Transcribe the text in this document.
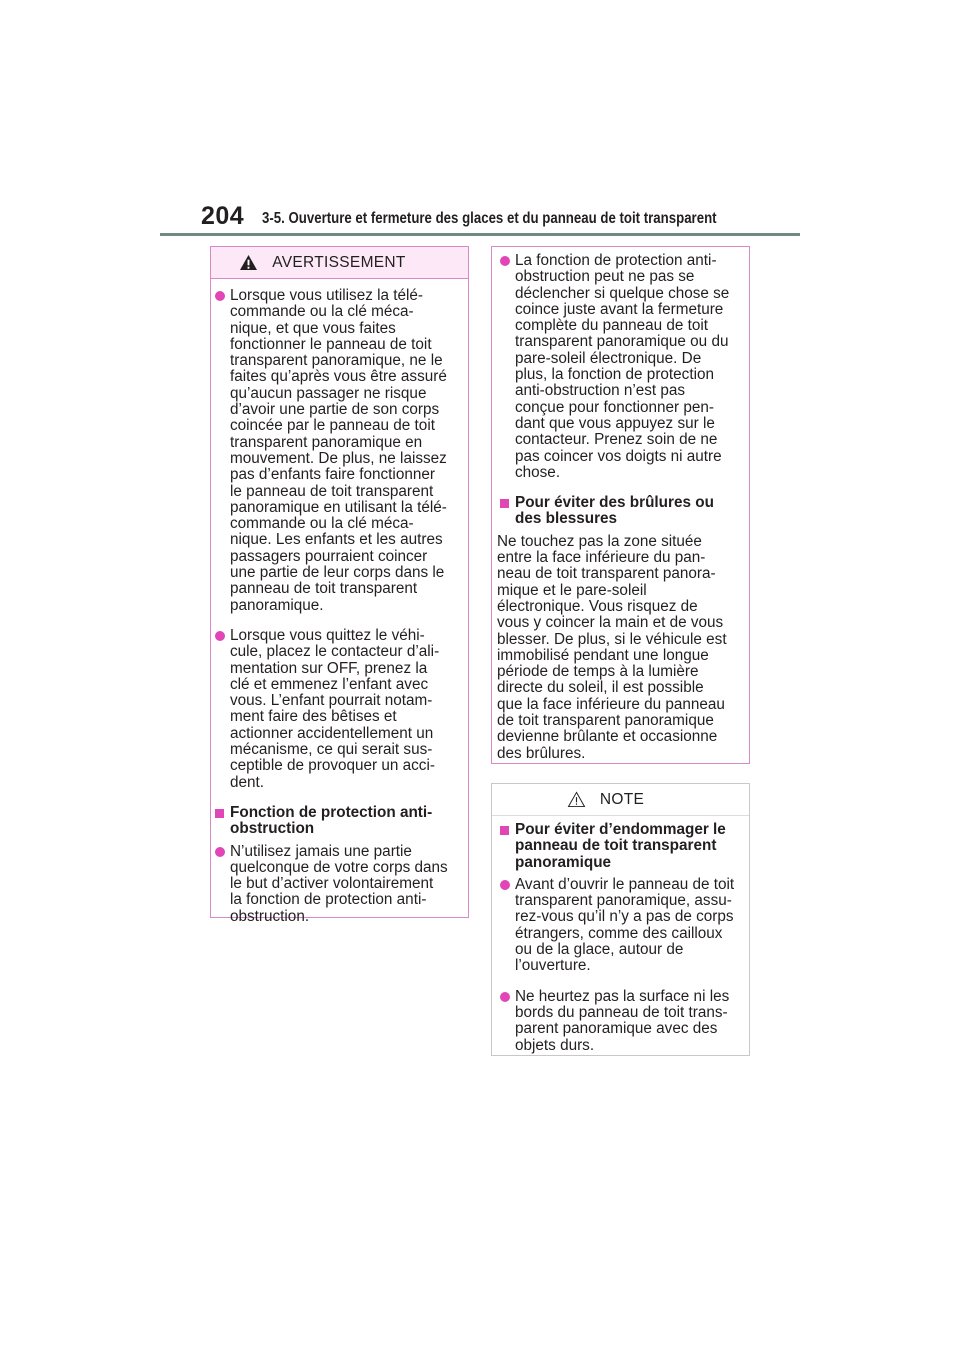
204 3-5. Ouverture et fermeture des glaces et du panneau de toit transparent
AVERTISSEMENT
Lorsque vous utilisez la télé-
commande ou la clé méca-
nique, et que vous faites
fonctionner le panneau de toit
transparent panoramique, ne le
faites qu’après vous être assuré
qu’aucun passager ne risque
d’avoir une partie de son corps
coincée par le panneau de toit
transparent panoramique en
mouvement. De plus, ne laissez
pas d’enfants faire fonctionner
le panneau de toit transparent
panoramique en utilisant la télé-
commande ou la clé méca-
nique. Les enfants et les autres
passagers pourraient coincer
une partie de leur corps dans le
panneau de toit transparent
panoramique.
Lorsque vous quittez le véhi-
cule, placez le contacteur d’ali-
mentation sur OFF, prenez la
clé et emmenez l’enfant avec
vous. L’enfant pourrait notam-
ment faire des bêtises et
actionner accidentellement un
mécanisme, ce qui serait sus-
ceptible de provoquer un acci-
dent.
Fonction de protection anti-
obstruction
N’utilisez jamais une partie
quelconque de votre corps dans
le but d’activer volontairement
la fonction de protection anti-
obstruction.
La fonction de protection anti-
obstruction peut ne pas se
déclencher si quelque chose se
coince juste avant la fermeture
complète du panneau de toit
transparent panoramique ou du
pare-soleil électronique. De
plus, la fonction de protection
anti-obstruction n’est pas
conçue pour fonctionner pen-
dant que vous appuyez sur le
contacteur. Prenez soin de ne
pas coincer vos doigts ni autre
chose.
Pour éviter des brûlures ou
des blessures
Ne touchez pas la zone située
entre la face inférieure du pan-
neau de toit transparent panora-
mique et le pare-soleil
électronique. Vous risquez de
vous y coincer la main et de vous
blesser. De plus, si le véhicule est
immobilisé pendant une longue
période de temps à la lumière
directe du soleil, il est possible
que la face inférieure du panneau
de toit transparent panoramique
devienne brûlante et occasionne
des brûlures.
NOTE
Pour éviter d’endommager le
panneau de toit transparent
panoramique
Avant d’ouvrir le panneau de toit
transparent panoramique, assu-
rez-vous qu’il n’y a pas de corps
étrangers, comme des cailloux
ou de la glace, autour de
l’ouverture.
Ne heurtez pas la surface ni les
bords du panneau de toit trans-
parent panoramique avec des
objets durs.
